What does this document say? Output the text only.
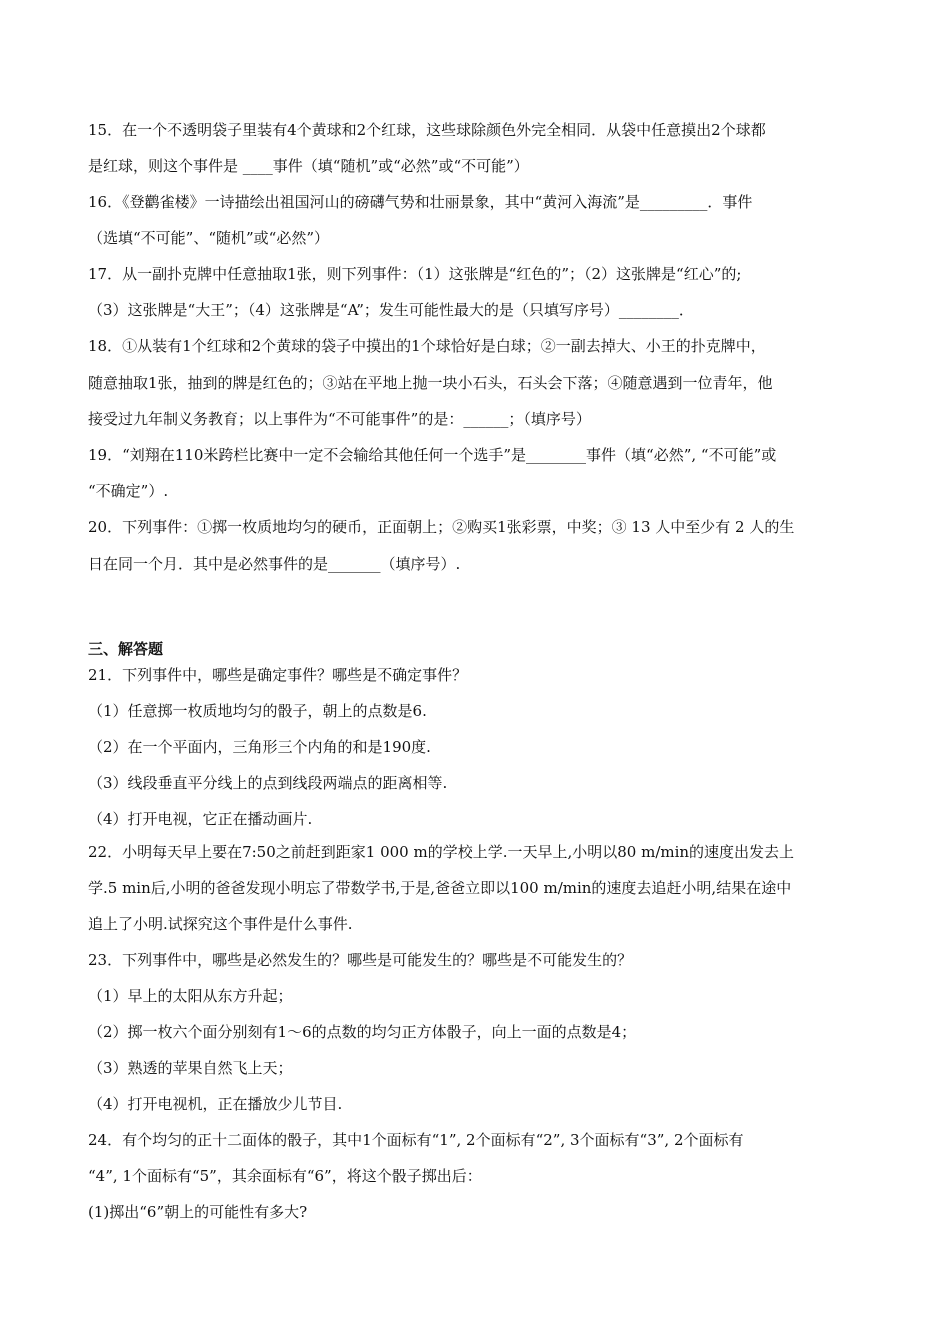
15．在一个不透明袋子里装有4个黄球和2个红球，这些球除颜色外完全相同．从袋中任意摸出2个球都
是红球，则这个事件是 ____事件（填“随机”或“必然”或“不可能”）
16．《登鹳雀楼》一诗描绘出祖国河山的磅礴气势和壮丽景象，其中“黄河入海流”是_________．事件
（选填“不可能”、“随机”或“必然”）
17．从一副扑克牌中任意抽取1张，则下列事件：（1）这张牌是“红色的”；（2）这张牌是“红心”的;
（3）这张牌是“大王”；（4）这张牌是“A”；发生可能性最大的是（只填写序号）________．
18．①从装有1个红球和2个黄球的袋子中摸出的1个球恰好是白球；②一副去掉大、小王的扑克牌中，
随意抽取1张，抽到的牌是红色的；③站在平地上抛一块小石头，石头会下落；④随意遇到一位青年，他
接受过九年制义务教育；以上事件为“不可能事件”的是：______；（填序号）
19．“刘翔在110米跨栏比赛中一定不会输给其他任何一个选手”是________事件（填“必然”, “不可能”或
“不确定”）.
20．下列事件：①掷一枚质地均匀的硬币，正面朝上；②购买1张彩票，中奖；③ 13 人中至少有 2 人的生
日在同一个月．其中是必然事件的是_______（填序号）.
三、解答题
21．下列事件中，哪些是确定事件？哪些是不确定事件？
（1）任意掷一枚质地均匀的骰子，朝上的点数是6.
（2）在一个平面内，三角形三个内角的和是190度.
（3）线段垂直平分线上的点到线段两端点的距离相等.
（4）打开电视，它正在播动画片.
22．小明每天早上要在7:50之前赶到距家1 000 m的学校上学.一天早上,小明以80 m/min的速度出发去上
学.5 min后,小明的爸爸发现小明忘了带数学书,于是,爸爸立即以100 m/min的速度去追赶小明,结果在途中
追上了小明.试探究这个事件是什么事件.
23．下列事件中，哪些是必然发生的？哪些是可能发生的？哪些是不可能发生的？
（1）早上的太阳从东方升起；
（2）掷一枚六个面分别刻有1～6的点数的均匀正方体骰子，向上一面的点数是4；
（3）熟透的苹果自然飞上天；
（4）打开电视机，正在播放少儿节目.
24．有个均匀的正十二面体的骰子，其中1个面标有“1”, 2个面标有“2”, 3个面标有“3”, 2个面标有
“4”, 1个面标有“5”，其余面标有“6”，将这个骰子掷出后：
(1)掷出“6”朝上的可能性有多大?
